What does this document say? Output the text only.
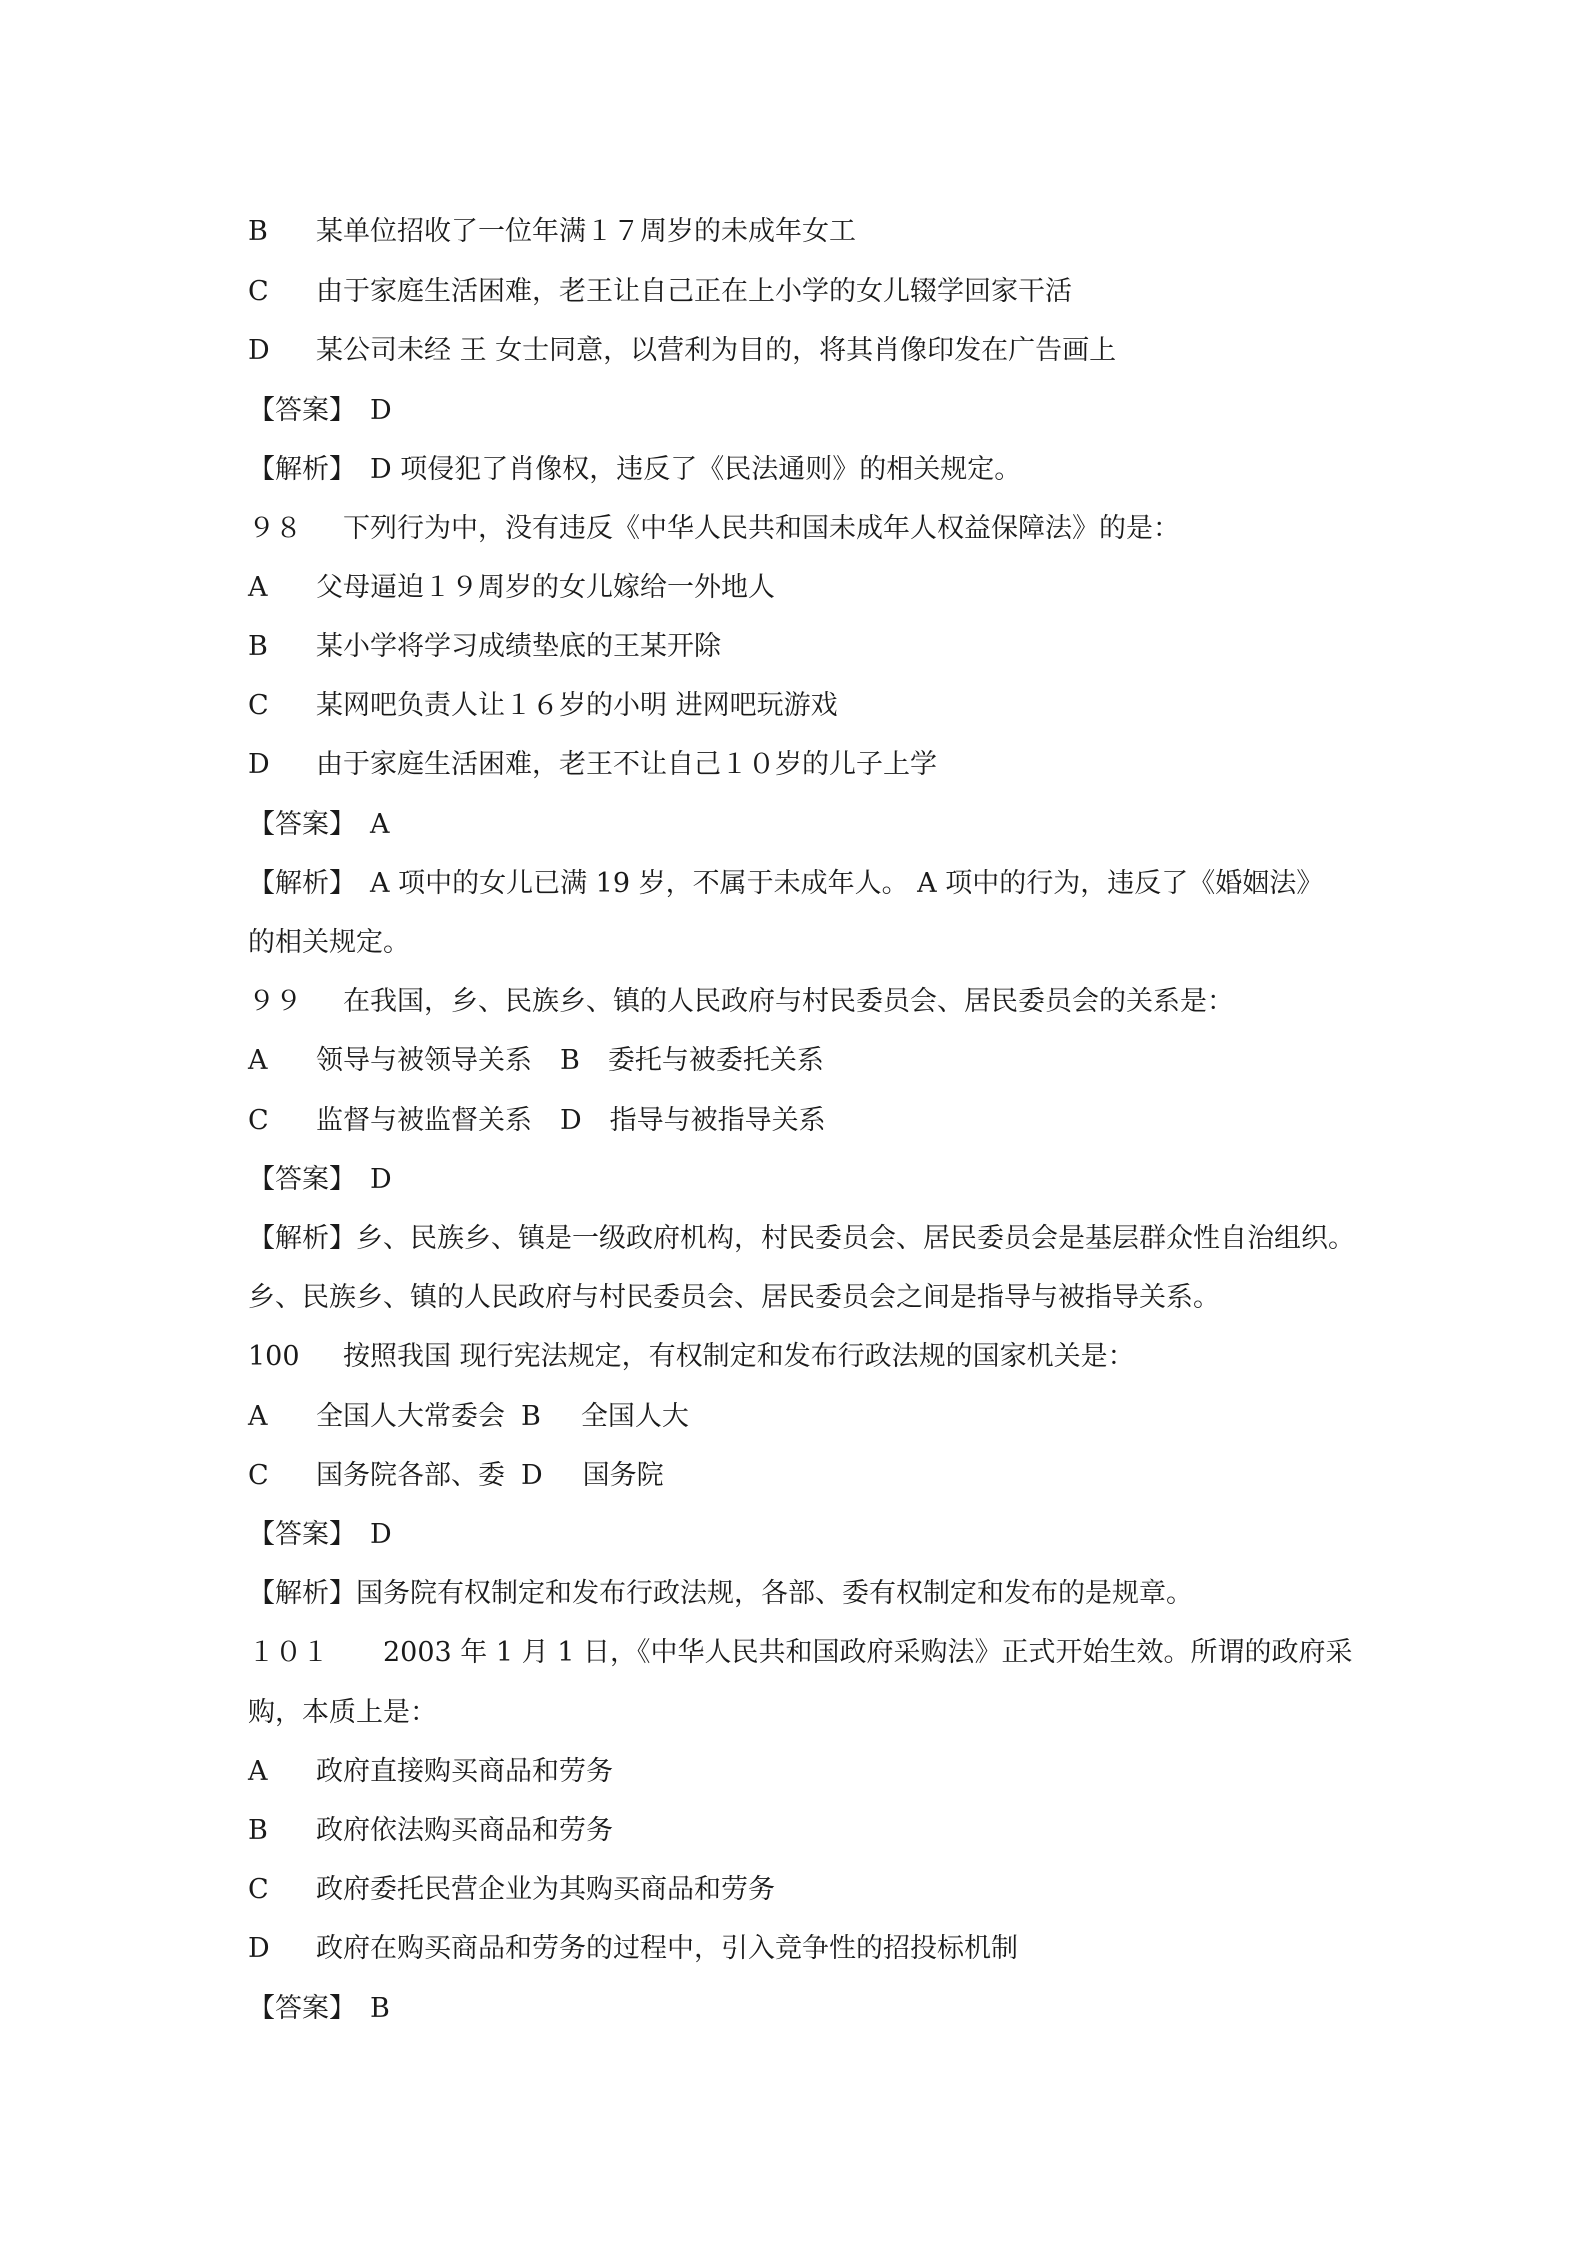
B 某单位招收了一位年满１７周岁的未成年女工
C 由于家庭生活困难，老王让自己正在上小学的女儿辍学回家干活
D 某公司未经 王 女士同意，以营利为目的，将其肖像印发在广告画上
【答案】 D
【解析】 D 项侵犯了肖像权，违反了《民法通则》的相关规定。
９８ 下列行为中，没有违反《中华人民共和国未成年人权益保障法》的是：
A 父母逼迫１９周岁的女儿嫁给一外地人
B 某小学将学习成绩垫底的王某开除
C 某网吧负责人让１６岁的小明 进网吧玩游戏
D 由于家庭生活困难，老王不让自己１０岁的儿子上学
【答案】 A
【解析】 A 项中的女儿已满 19 岁，不属于未成年人。 A 项中的行为，违反了《婚姻法》
的相关规定。
９９ 在我国，乡、民族乡、镇的人民政府与村民委员会、居民委员会的关系是：
A 领导与被领导关系 B 委托与被委托关系
C 监督与被监督关系 D 指导与被指导关系
【答案】 D
【解析】乡、民族乡、镇是一级政府机构，村民委员会、居民委员会是基层群众性自治组织。
乡、民族乡、镇的人民政府与村民委员会、居民委员会之间是指导与被指导关系。
100 按照我国 现行宪法规定，有权制定和发布行政法规的国家机关是：
A 全国人大常委会 B 全国人大
C 国务院各部、委 D 国务院
【答案】 D
【解析】国务院有权制定和发布行政法规，各部、委有权制定和发布的是规章。
１０１ 2003 年 1 月 1 日，《中华人民共和国政府采购法》正式开始生效。所谓的政府采
购，本质上是：
A 政府直接购买商品和劳务
B 政府依法购买商品和劳务
C 政府委托民营企业为其购买商品和劳务
D 政府在购买商品和劳务的过程中，引入竞争性的招投标机制
【答案】 B
